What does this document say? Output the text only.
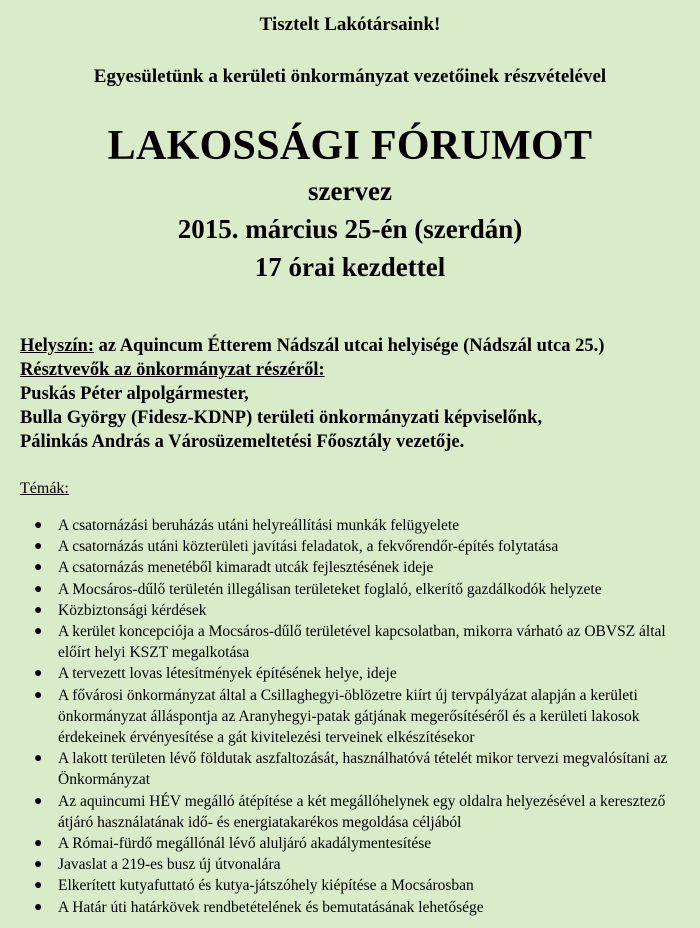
Tisztelt Lakótársaink!
Egyesületünk a kerületi önkormányzat vezetőinek részvételével
LAKOSSÁGI FÓRUMOT
szervez
2015. március 25-én (szerdán)
17 órai kezdettel
Helyszín: az Aquincum Étterem Nádszál utcai helyisége (Nádszál utca 25.)
Résztvevők az önkormányzat részéről:
Puskás Péter alpolgármester,
Bulla György (Fidesz-KDNP) területi önkormányzati képviselőnk,
Pálinkás András a Városüzemeltetési Főosztály vezetője.
Témák:
● A csatornázási beruházás utáni helyreállítási munkák felügyelete
● A csatornázás utáni közterületi javítási feladatok, a fekvőrendőr-építés folytatása
● A csatornázás menetéből kimaradt utcák fejlesztésének ideje
● A Mocsáros-dűlő területén illegálisan területeket foglaló, elkerítő gazdálkodók helyzete
● Közbiztonsági kérdések
● A kerület koncepciója a Mocsáros-dűlő területével kapcsolatban, mikorra várható az OBVSZ által előírt helyi KSZT megalkotása
● A tervezett lovas létesítmények építésének helye, ideje
● A fővárosi önkormányzat által a Csillaghegyi-öblözetre kiírt új tervpályázat alapján a kerületi önkormányzat álláspontja az Aranyhegyi-patak gátjának megerősítéséről és a kerületi lakosok érdekeinek érvényesítése a gát kivitelezési terveinek elkészítésekor
● A lakott területen lévő földutak aszfaltozását, használhatóvá tételét mikor tervezi megvalósítani az Önkormányzat
● Az aquincumi HÉV megálló átépítése a két megállóhelynek egy oldalra helyezésével a keresztező átjáró használatának idő- és energiatakarékos megoldása céljából
● A Római-fürdő megállónál lévő aluljáró akadálymentesítése
● Javaslat a 219-es busz új útvonalára
● Elkerített kutyafuttató és kutya-játszóhely kiépítése a Mocsárosban
● A Határ úti határkövek rendbetételének és bemutatásának lehetősége
